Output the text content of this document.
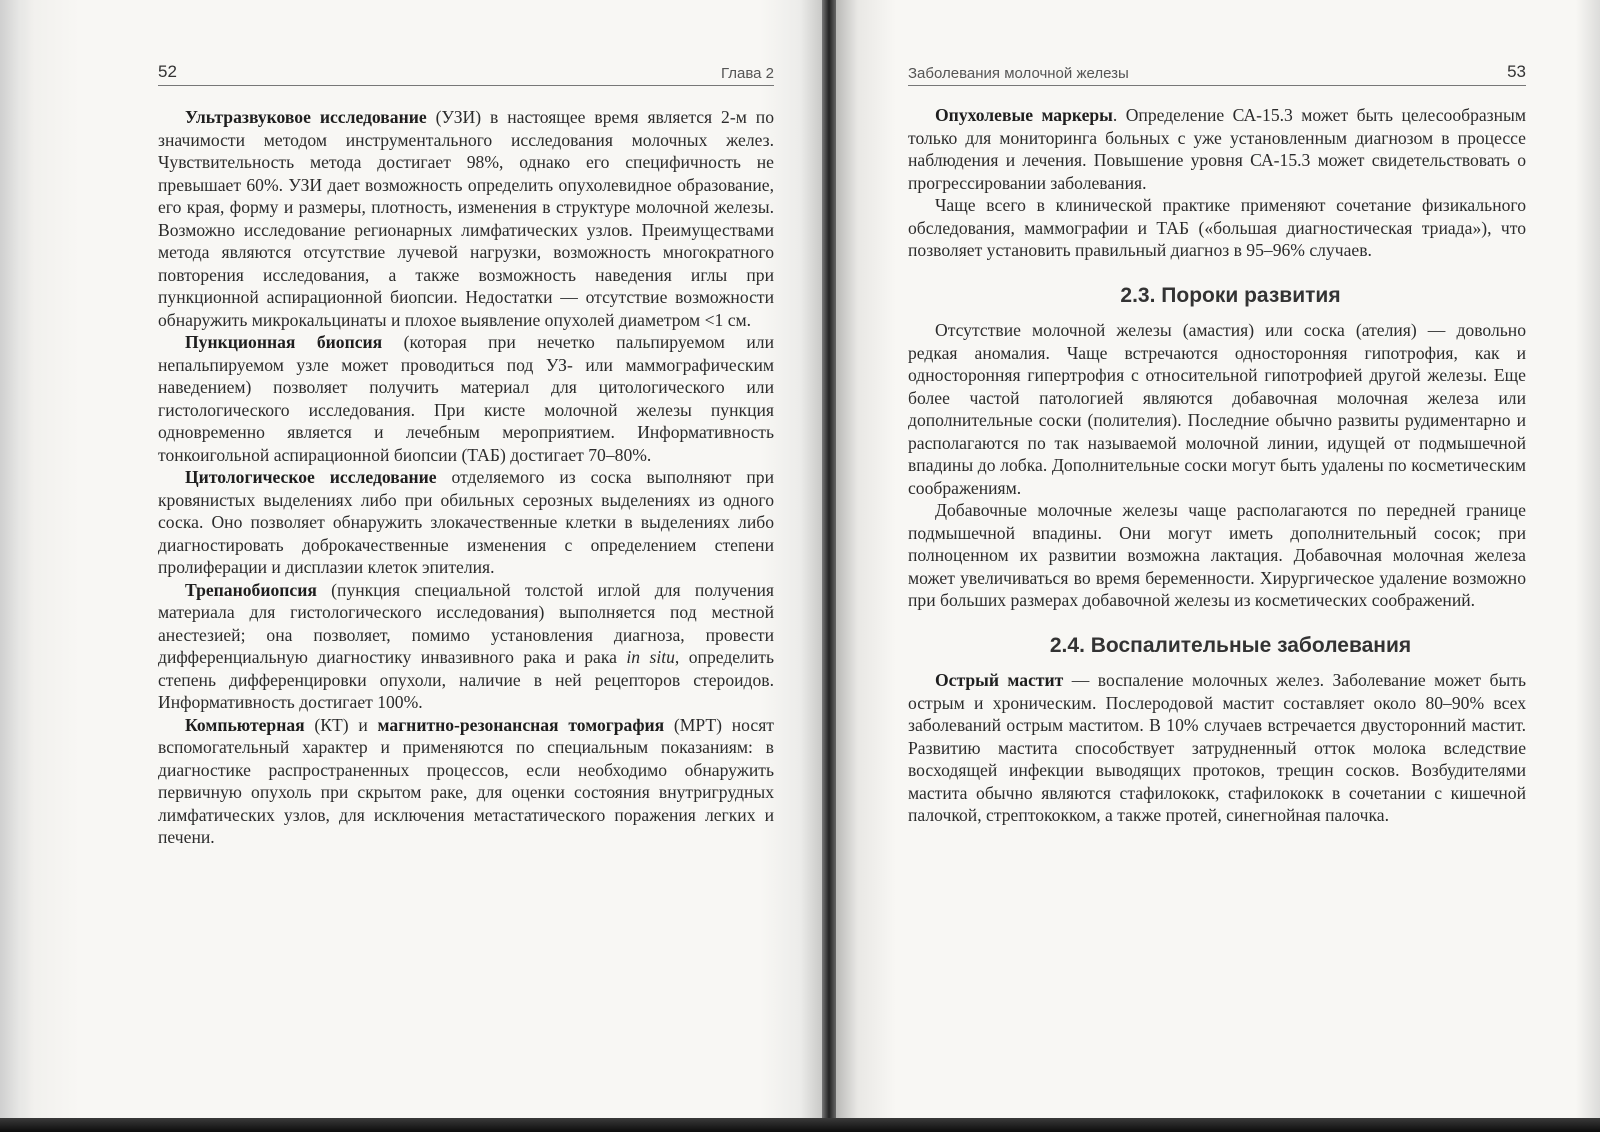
52	Глава 2

Ультразвуковое исследование (УЗИ) в настоящее время является 2-м по значимости методом инструментального исследования молочных желез. Чувствительность метода достигает 98%, однако его специфичность не превышает 60%. УЗИ дает возможность определить опухолевидное образование, его края, форму и размеры, плотность, изменения в структуре молочной железы. Возможно исследование регионарных лимфатических узлов. Преимуществами метода являются отсутствие лучевой нагрузки, возможность многократного повторения исследования, а также возможность наведения иглы при пункционной аспирационной биопсии. Недостатки — отсутствие возможности обнаружить микрокальцинаты и плохое выявление опухолей диаметром <1 см.

Пункционная биопсия (которая при нечетко пальпируемом или непальпируемом узле может проводиться под УЗ- или маммографическим наведением) позволяет получить материал для цитологического или гистологического исследования. При кисте молочной железы пункция одновременно является и лечебным мероприятием. Информативность тонкоигольной аспирационной биопсии (ТАБ) достигает 70–80%.

Цитологическое исследование отделяемого из соска выполняют при кровянистых выделениях либо при обильных серозных выделениях из одного соска. Оно позволяет обнаружить злокачественные клетки в выделениях либо диагностировать доброкачественные изменения с определением степени пролиферации и дисплазии клеток эпителия.

Трепанобиопсия (пункция специальной толстой иглой для получения материала для гистологического исследования) выполняется под местной анестезией; она позволяет, помимо установления диагноза, провести дифференциальную диагностику инвазивного рака и рака in situ, определить степень дифференцировки опухоли, наличие в ней рецепторов стероидов. Информативность достигает 100%.

Компьютерная (КТ) и магнитно-резонансная томография (МРТ) носят вспомогательный характер и применяются по специальным показаниям: в диагностике распространенных процессов, если необходимо обнаружить первичную опухоль при скрытом раке, для оценки состояния внутригрудных лимфатических узлов, для исключения метастатического поражения легких и печени.

Заболевания молочной железы	53

Опухолевые маркеры. Определение СА-15.3 может быть целесообразным только для мониторинга больных с уже установленным диагнозом в процессе наблюдения и лечения. Повышение уровня СА-15.3 может свидетельствовать о прогрессировании заболевания.

Чаще всего в клинической практике применяют сочетание физикального обследования, маммографии и ТАБ («большая диагностическая триада»), что позволяет установить правильный диагноз в 95–96% случаев.

2.3. Пороки развития

Отсутствие молочной железы (амастия) или соска (ателия) — довольно редкая аномалия. Чаще встречаются односторонняя гипотрофия, как и односторонняя гипертрофия с относительной гипотрофией другой железы. Еще более частой патологией являются добавочная молочная железа или дополнительные соски (полителия). Последние обычно развиты рудиментарно и располагаются по так называемой молочной линии, идущей от подмышечной впадины до лобка. Дополнительные соски могут быть удалены по косметическим соображениям.

Добавочные молочные железы чаще располагаются по передней границе подмышечной впадины. Они могут иметь дополнительный сосок; при полноценном их развитии возможна лактация. Добавочная молочная железа может увеличиваться во время беременности. Хирургическое удаление возможно при больших размерах добавочной железы из косметических соображений.

2.4. Воспалительные заболевания

Острый мастит — воспаление молочных желез. Заболевание может быть острым и хроническим. Послеродовой мастит составляет около 80–90% всех заболеваний острым маститом. В 10% случаев встречается двусторонний мастит. Развитию мастита способствует затрудненный отток молока вследствие восходящей инфекции выводящих протоков, трещин сосков. Возбудителями мастита обычно являются стафилококк, стафилококк в сочетании с кишечной палочкой, стрептококком, а также протей, синегнойная палочка.
